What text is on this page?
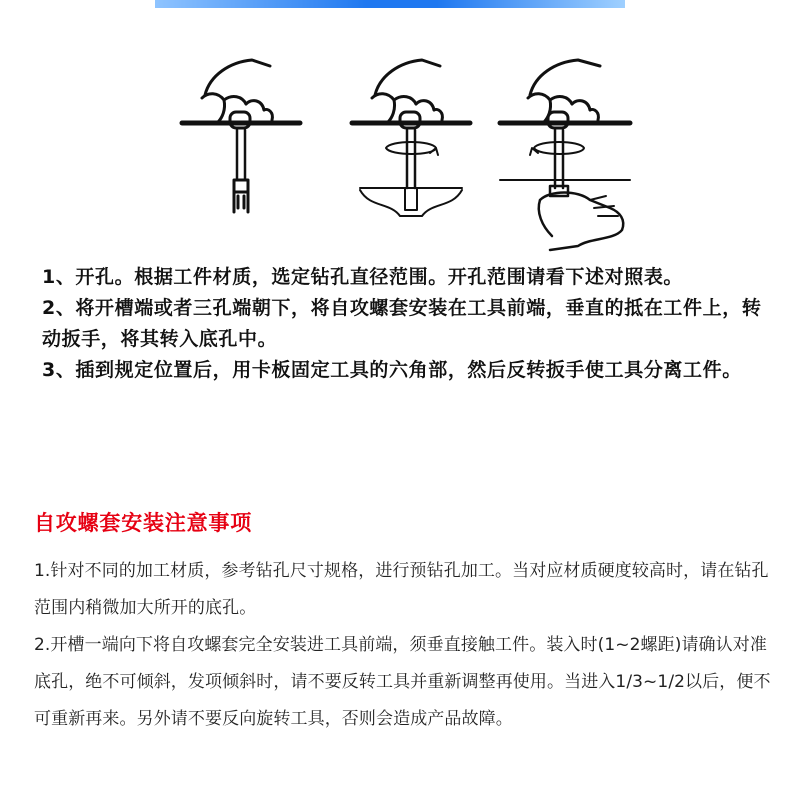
1、开孔。根据工件材质，选定钻孔直径范围。开孔范围请看下述对照表。

2、将开槽端或者三孔端朝下，将自攻螺套安装在工具前端，垂直的抵在工件上，转动扳手，将其转入底孔中。

3、插到规定位置后，用卡板固定工具的六角部，然后反转扳手使工具分离工件。

自攻螺套安装注意事项

1.针对不同的加工材质，参考钻孔尺寸规格，进行预钻孔加工。当对应材质硬度较高时，请在钻孔范围内稍微加大所开的底孔。

2.开槽一端向下将自攻螺套完全安装进工具前端，须垂直接触工件。装入时(1~2螺距)请确认对准底孔，绝不可倾斜，发项倾斜时，请不要反转工具并重新调整再使用。当进入1/3~1/2以后，便不可重新再来。另外请不要反向旋转工具，否则会造成产品故障。
